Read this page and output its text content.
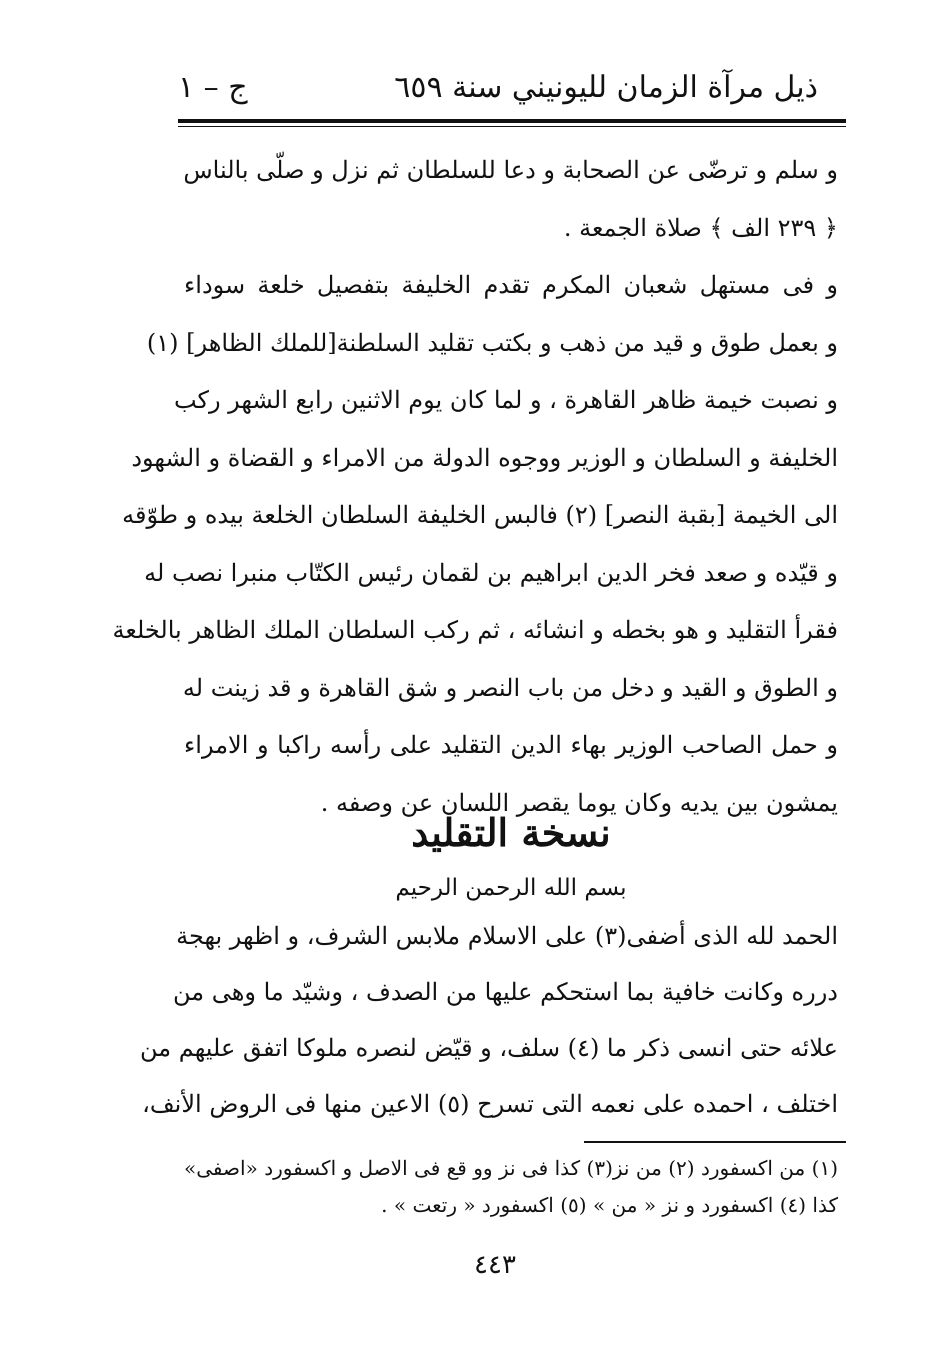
ذيل مرآة الزمان لليونيني سنة ٦٥٩
ج – ١
و سلم و ترضّى عن الصحابة و دعا للسلطان ثم نزل و صلّى بالناس
﴿ ٢٣٩ الف ﴾ صلاة الجمعة .
و فى مستهل شعبان المكرم تقدم الخليفة بتفصيل خلعة سوداء
و بعمل طوق و قيد من ذهب و بكتب تقليد السلطنة[للملك الظاهر] (١)
و نصبت خيمة ظاهر القاهرة ، و لما كان يوم الاثنين رابع الشهر ركب
الخليفة و السلطان و الوزير ووجوه الدولة من الامراء و القضاة و الشهود
الى الخيمة [بقبة النصر] (٢) فالبس الخليفة السلطان الخلعة بيده و طوّقه
و قيّده و صعد فخر الدين ابراهيم بن لقمان رئيس الكتّاب منبرا نصب له
فقرأ التقليد و هو بخطه و انشائه ، ثم ركب السلطان الملك الظاهر بالخلعة
و الطوق و القيد و دخل من باب النصر و شق القاهرة و قد زينت له
و حمل الصاحب الوزير بهاء الدين التقليد على رأسه راكبا و الامراء
يمشون بين يديه وكان يوما يقصر اللسان عن وصفه .
نسخة التقليد
بسم الله الرحمن الرحيم
الحمد لله الذى أضفى(٣) على الاسلام ملابس الشرف، و اظهر بهجة
درره وكانت خافية بما استحكم عليها من الصدف ، وشيّد ما وهى من
علائه حتى انسى ذكر ما (٤) سلف، و قيّض لنصره ملوكا اتفق عليهم من
اختلف ، احمده على نعمه التى تسرح (٥) الاعين منها فى الروض الأنف،
(١) من اكسفورد (٢) من نز(٣) كذا فى نز وو قع فى الاصل و اكسفورد «اصفى»
كذا (٤) اكسفورد و نز « من » (٥) اكسفورد « رتعت » .
٤٤٣
